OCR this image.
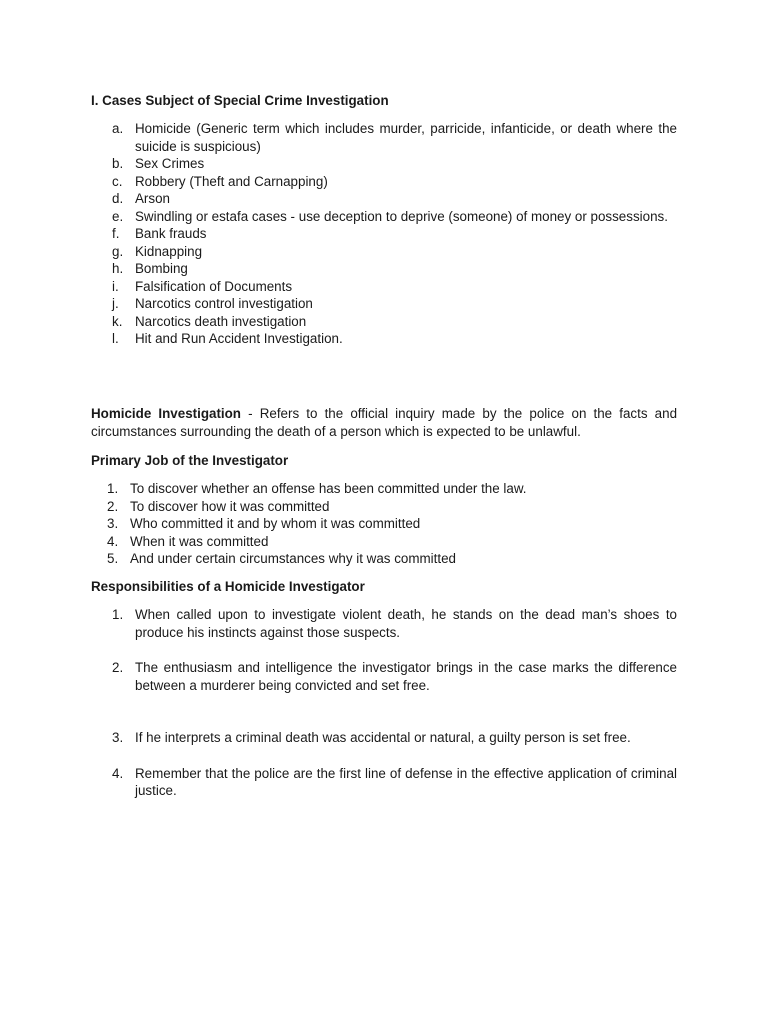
I. Cases Subject of Special Crime Investigation
a. Homicide (Generic term which includes murder, parricide, infanticide, or death where the suicide is suspicious)
b. Sex Crimes
c. Robbery (Theft and Carnapping)
d. Arson
e. Swindling or estafa cases - use deception to deprive (someone) of money or possessions.
f. Bank frauds
g. Kidnapping
h. Bombing
i. Falsification of Documents
j. Narcotics control investigation
k. Narcotics death investigation
l. Hit and Run Accident Investigation.

Homicide Investigation - Refers to the official inquiry made by the police on the facts and circumstances surrounding the death of a person which is expected to be unlawful.

Primary Job of the Investigator
1. To discover whether an offense has been committed under the law.
2. To discover how it was committed
3. Who committed it and by whom it was committed
4. When it was committed
5. And under certain circumstances why it was committed
Responsibilities of a Homicide Investigator
1. When called upon to investigate violent death, he stands on the dead man’s shoes to produce his instincts against those suspects.
2. The enthusiasm and intelligence the investigator brings in the case marks the difference between a murderer being convicted and set free.
3. If he interprets a criminal death was accidental or natural, a guilty person is set free.
4. Remember that the police are the first line of defense in the effective application of criminal justice.
